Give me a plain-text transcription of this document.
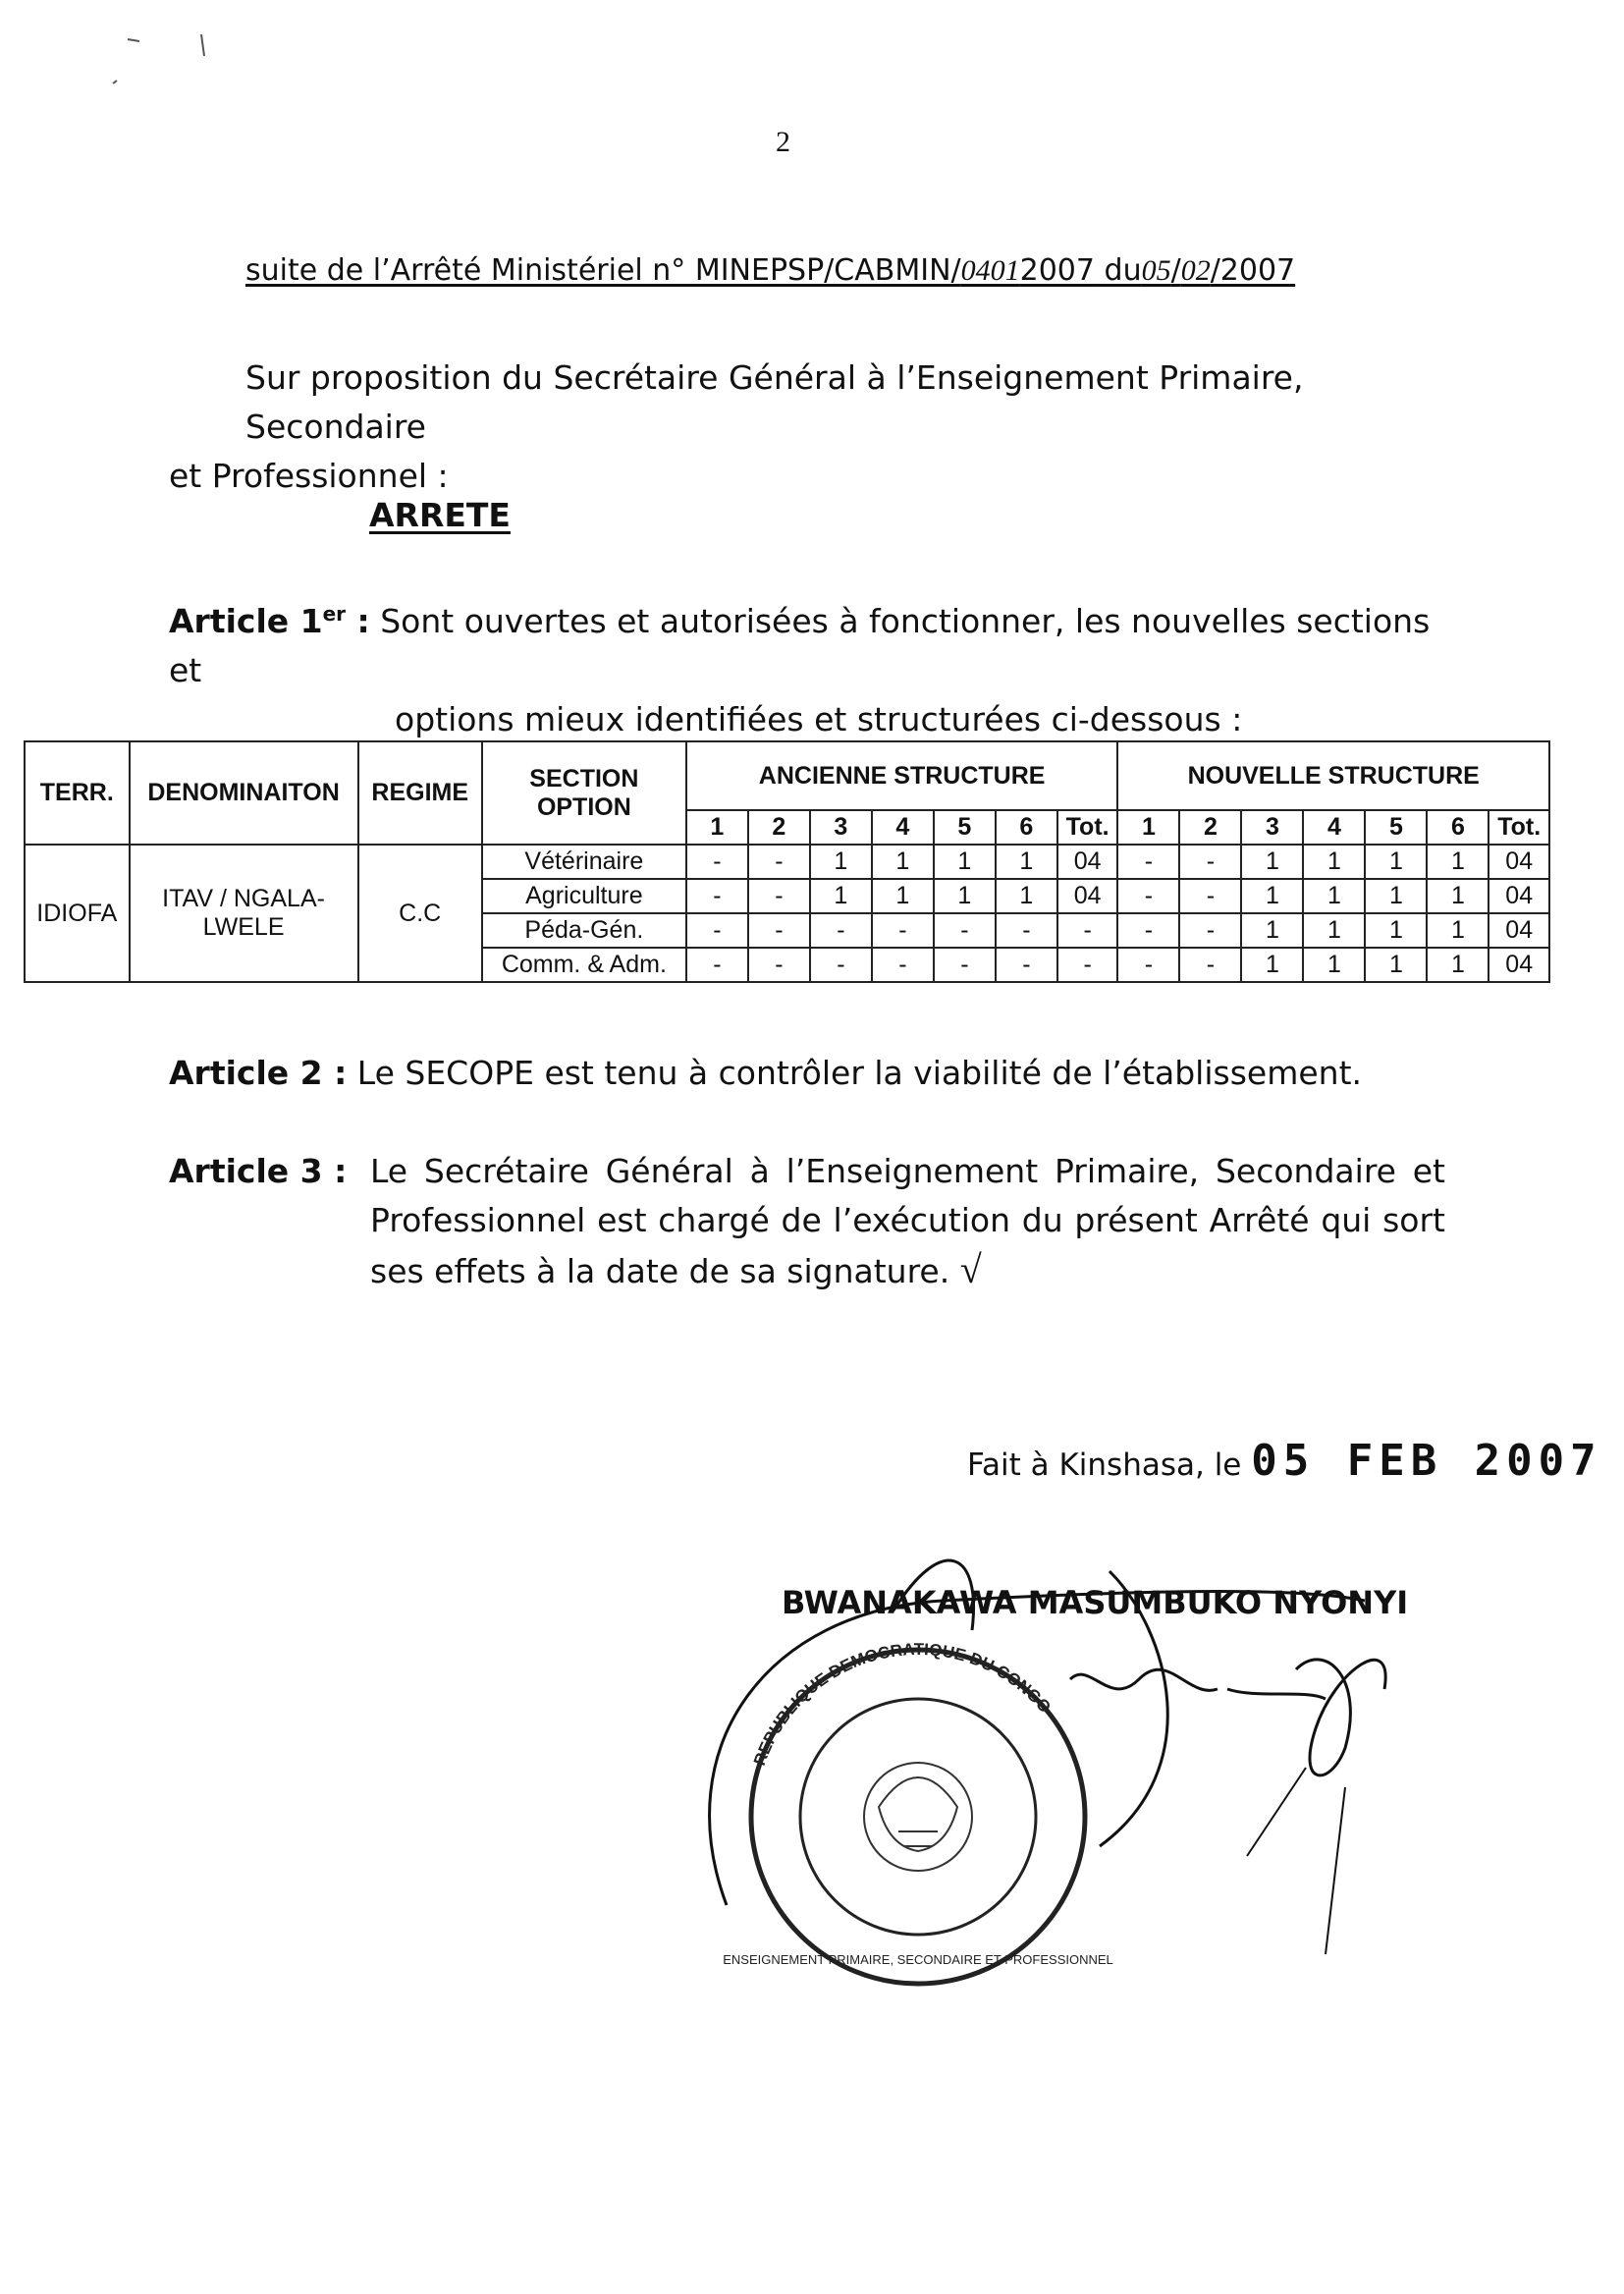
2
suite de l’Arrêté Ministériel n° MINEPSP/CABMIN/04012007 du05/02/2007
Sur proposition du Secrétaire Général à l’Enseignement Primaire, Secondaire
et Professionnel :
ARRETE
Article 1er : Sont ouvertes et autorisées à fonctionner, les nouvelles sections et
options mieux identifiées et structurées ci-dessous :
TERR.	DENOMINAITON	REGIME	SECTION OPTION	ANCIENNE STRUCTURE							NOUVELLE STRUCTURE						
				1	2	3	4	5	6	Tot.	1	2	3	4	5	6	Tot.
IDIOFA	ITAV / NGALA-LWELE	C.C	Vétérinaire	-	-	1	1	1	1	04	-	-	1	1	1	1	04
			Agriculture	-	-	1	1	1	1	04	-	-	1	1	1	1	04
			Péda-Gén.	-	-	-	-	-	-	-	-	-	1	1	1	1	04
			Comm. & Adm.	-	-	-	-	-	-	-	-	-	1	1	1	1	04
Article 2 : Le SECOPE est tenu à contrôler la viabilité de l’établissement.
Article 3 : Le Secrétaire Général à l’Enseignement Primaire, Secondaire et Professionnel est chargé de l’exécution du présent Arrêté qui sort ses effets à la date de sa signature. √
Fait à Kinshasa, le 05 FEB 2007
REPUBLIQUE DEMOCRATIQUE DU CONGO
ENSEIGNEMENT PRIMAIRE, SECONDAIRE ET PROFESSIONNEL
BWANAKAWA MASUMBUKO NYONYI
